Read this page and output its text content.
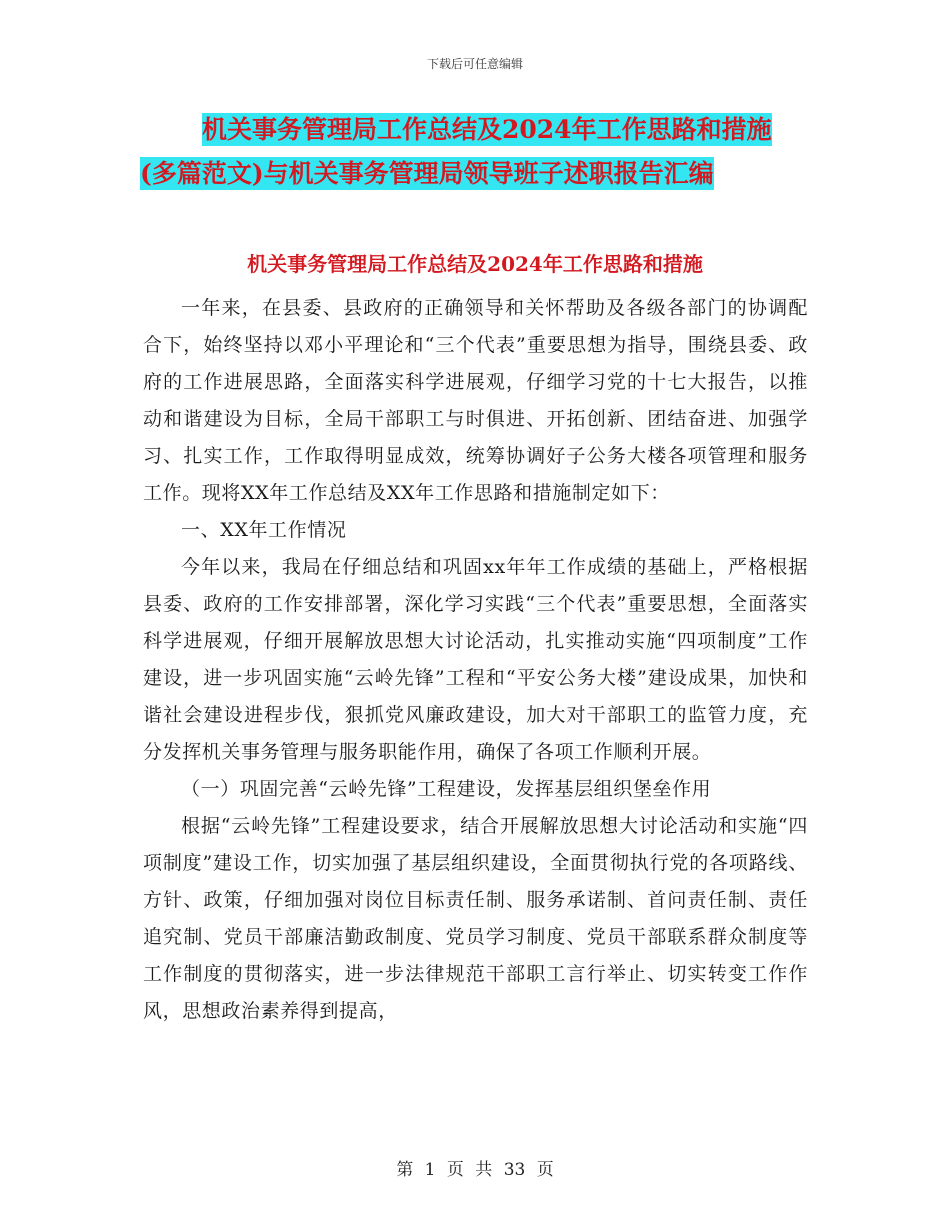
下载后可任意编辑
机关事务管理局工作总结及2024年工作思路和措施
(多篇范文)与机关事务管理局领导班子述职报告汇编
机关事务管理局工作总结及2024年工作思路和措施

一年来，在县委、县政府的正确领导和关怀帮助及各级各部门的协调配合下，始终坚持以邓小平理论和“三个代表”重要思想为指导，围绕县委、政府的工作进展思路，全面落实科学进展观，仔细学习党的十七大报告，以推动和谐建设为目标，全局干部职工与时俱进、开拓创新、团结奋进、加强学习、扎实工作，工作取得明显成效，统筹协调好子公务大楼各项管理和服务工作。现将XX年工作总结及XX年工作思路和措施制定如下：

一、XX年工作情况

今年以来，我局在仔细总结和巩固xx年年工作成绩的基础上，严格根据县委、政府的工作安排部署，深化学习实践“三个代表”重要思想，全面落实科学进展观，仔细开展解放思想大讨论活动，扎实推动实施“四项制度”工作建设，进一步巩固实施“云岭先锋”工程和“平安公务大楼”建设成果，加快和谐社会建设进程步伐，狠抓党风廉政建设，加大对干部职工的监管力度，充分发挥机关事务管理与服务职能作用，确保了各项工作顺利开展。

（一）巩固完善“云岭先锋”工程建设，发挥基层组织堡垒作用

根据“云岭先锋”工程建设要求，结合开展解放思想大讨论活动和实施“四项制度”建设工作，切实加强了基层组织建设，全面贯彻执行党的各项路线、方针、政策，仔细加强对岗位目标责任制、服务承诺制、首问责任制、责任追究制、党员干部廉洁勤政制度、党员学习制度、党员干部联系群众制度等工作制度的贯彻落实，进一步法律规范干部职工言行举止、切实转变工作作风，思想政治素养得到提高，

第 1 页 共 33 页
